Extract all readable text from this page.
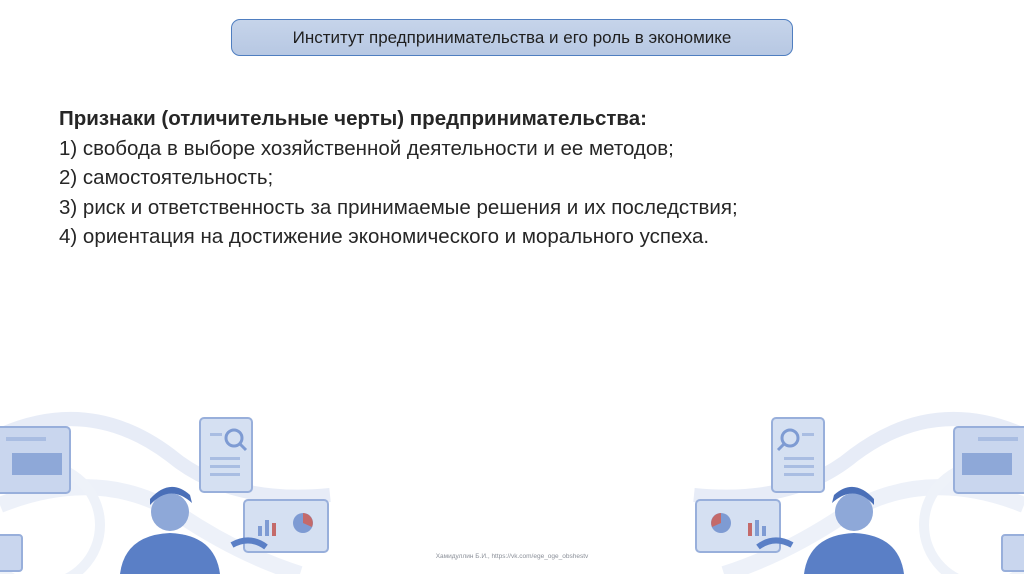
Институт предпринимательства и его роль в экономике
Признаки (отличительные черты) предпринимательства:
1) свобода в выборе хозяйственной деятельности и ее методов;
2) самостоятельность;
3) риск и ответственность за принимаемые решения и их последствия;
4) ориентация на достижение экономического и морального успеха.
Хамидуллин Б.И., https://vk.com/ege_oge_obshestv
